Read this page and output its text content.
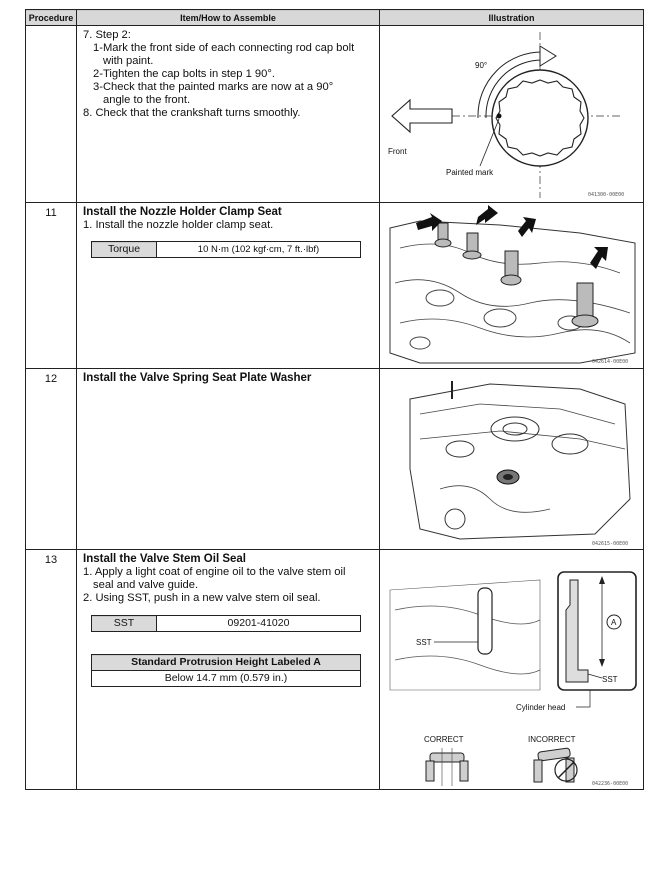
Procedure	Item/How to Assemble	Illustration

7. Step 2:
1-Mark the front side of each connecting rod cap bolt
with paint.
2-Tighten the cap bolts in step 1 90°.
3-Check that the painted marks are now at a 90°
angle to the front.
8. Check that the crankshaft turns smoothly.

90°
Front
Painted mark
041300-00E00

11	Install the Nozzle Holder Clamp Seat
1. Install the nozzle holder clamp seat.
Torque	10 N·m (102 kgf·cm, 7 ft.·lbf)

042614-00E00

12	Install the Valve Spring Seat Plate Washer

042615-00E00

13	Install the Valve Stem Oil Seal
1. Apply a light coat of engine oil to the valve stem oil
seal and valve guide.
2. Using SST, push in a new valve stem oil seal.
SST	09201-41020
Standard Protrusion Height Labeled A
Below 14.7 mm (0.579 in.)

A
SST
SST
Cylinder head
CORRECT	INCORRECT
042236-00E00
